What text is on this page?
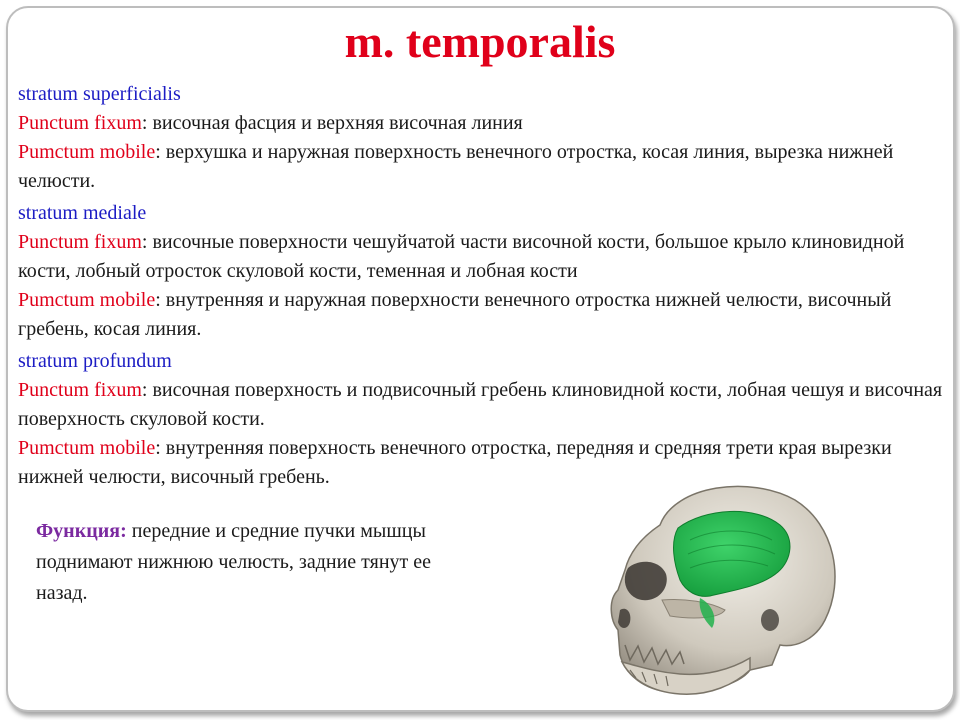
m. temporalis
stratum superficialis
Punctum fixum: височная фасция и верхняя височная линия
Pumctum mobile: верхушка и наружная поверхность венечного отростка, косая линия, вырезка нижней челюсти.
stratum mediale
Punctum fixum: височные поверхности чешуйчатой части височной кости, большое крыло клиновидной кости, лобный отросток скуловой кости, теменная и лобная кости
Pumctum mobile: внутренняя и наружная поверхности венечного отростка нижней челюсти, височный гребень, косая линия.
stratum profundum
Punctum fixum: височная поверхность и подвисочный гребень клиновидной кости, лобная чешуя и височная поверхность скуловой кости.
Pumctum mobile: внутренняя поверхность венечного отростка, передняя и средняя трети края вырезки нижней челюсти, височный гребень.
Функция: передние и средние пучки мышцы поднимают нижнюю челюсть, задние тянут ее назад.
